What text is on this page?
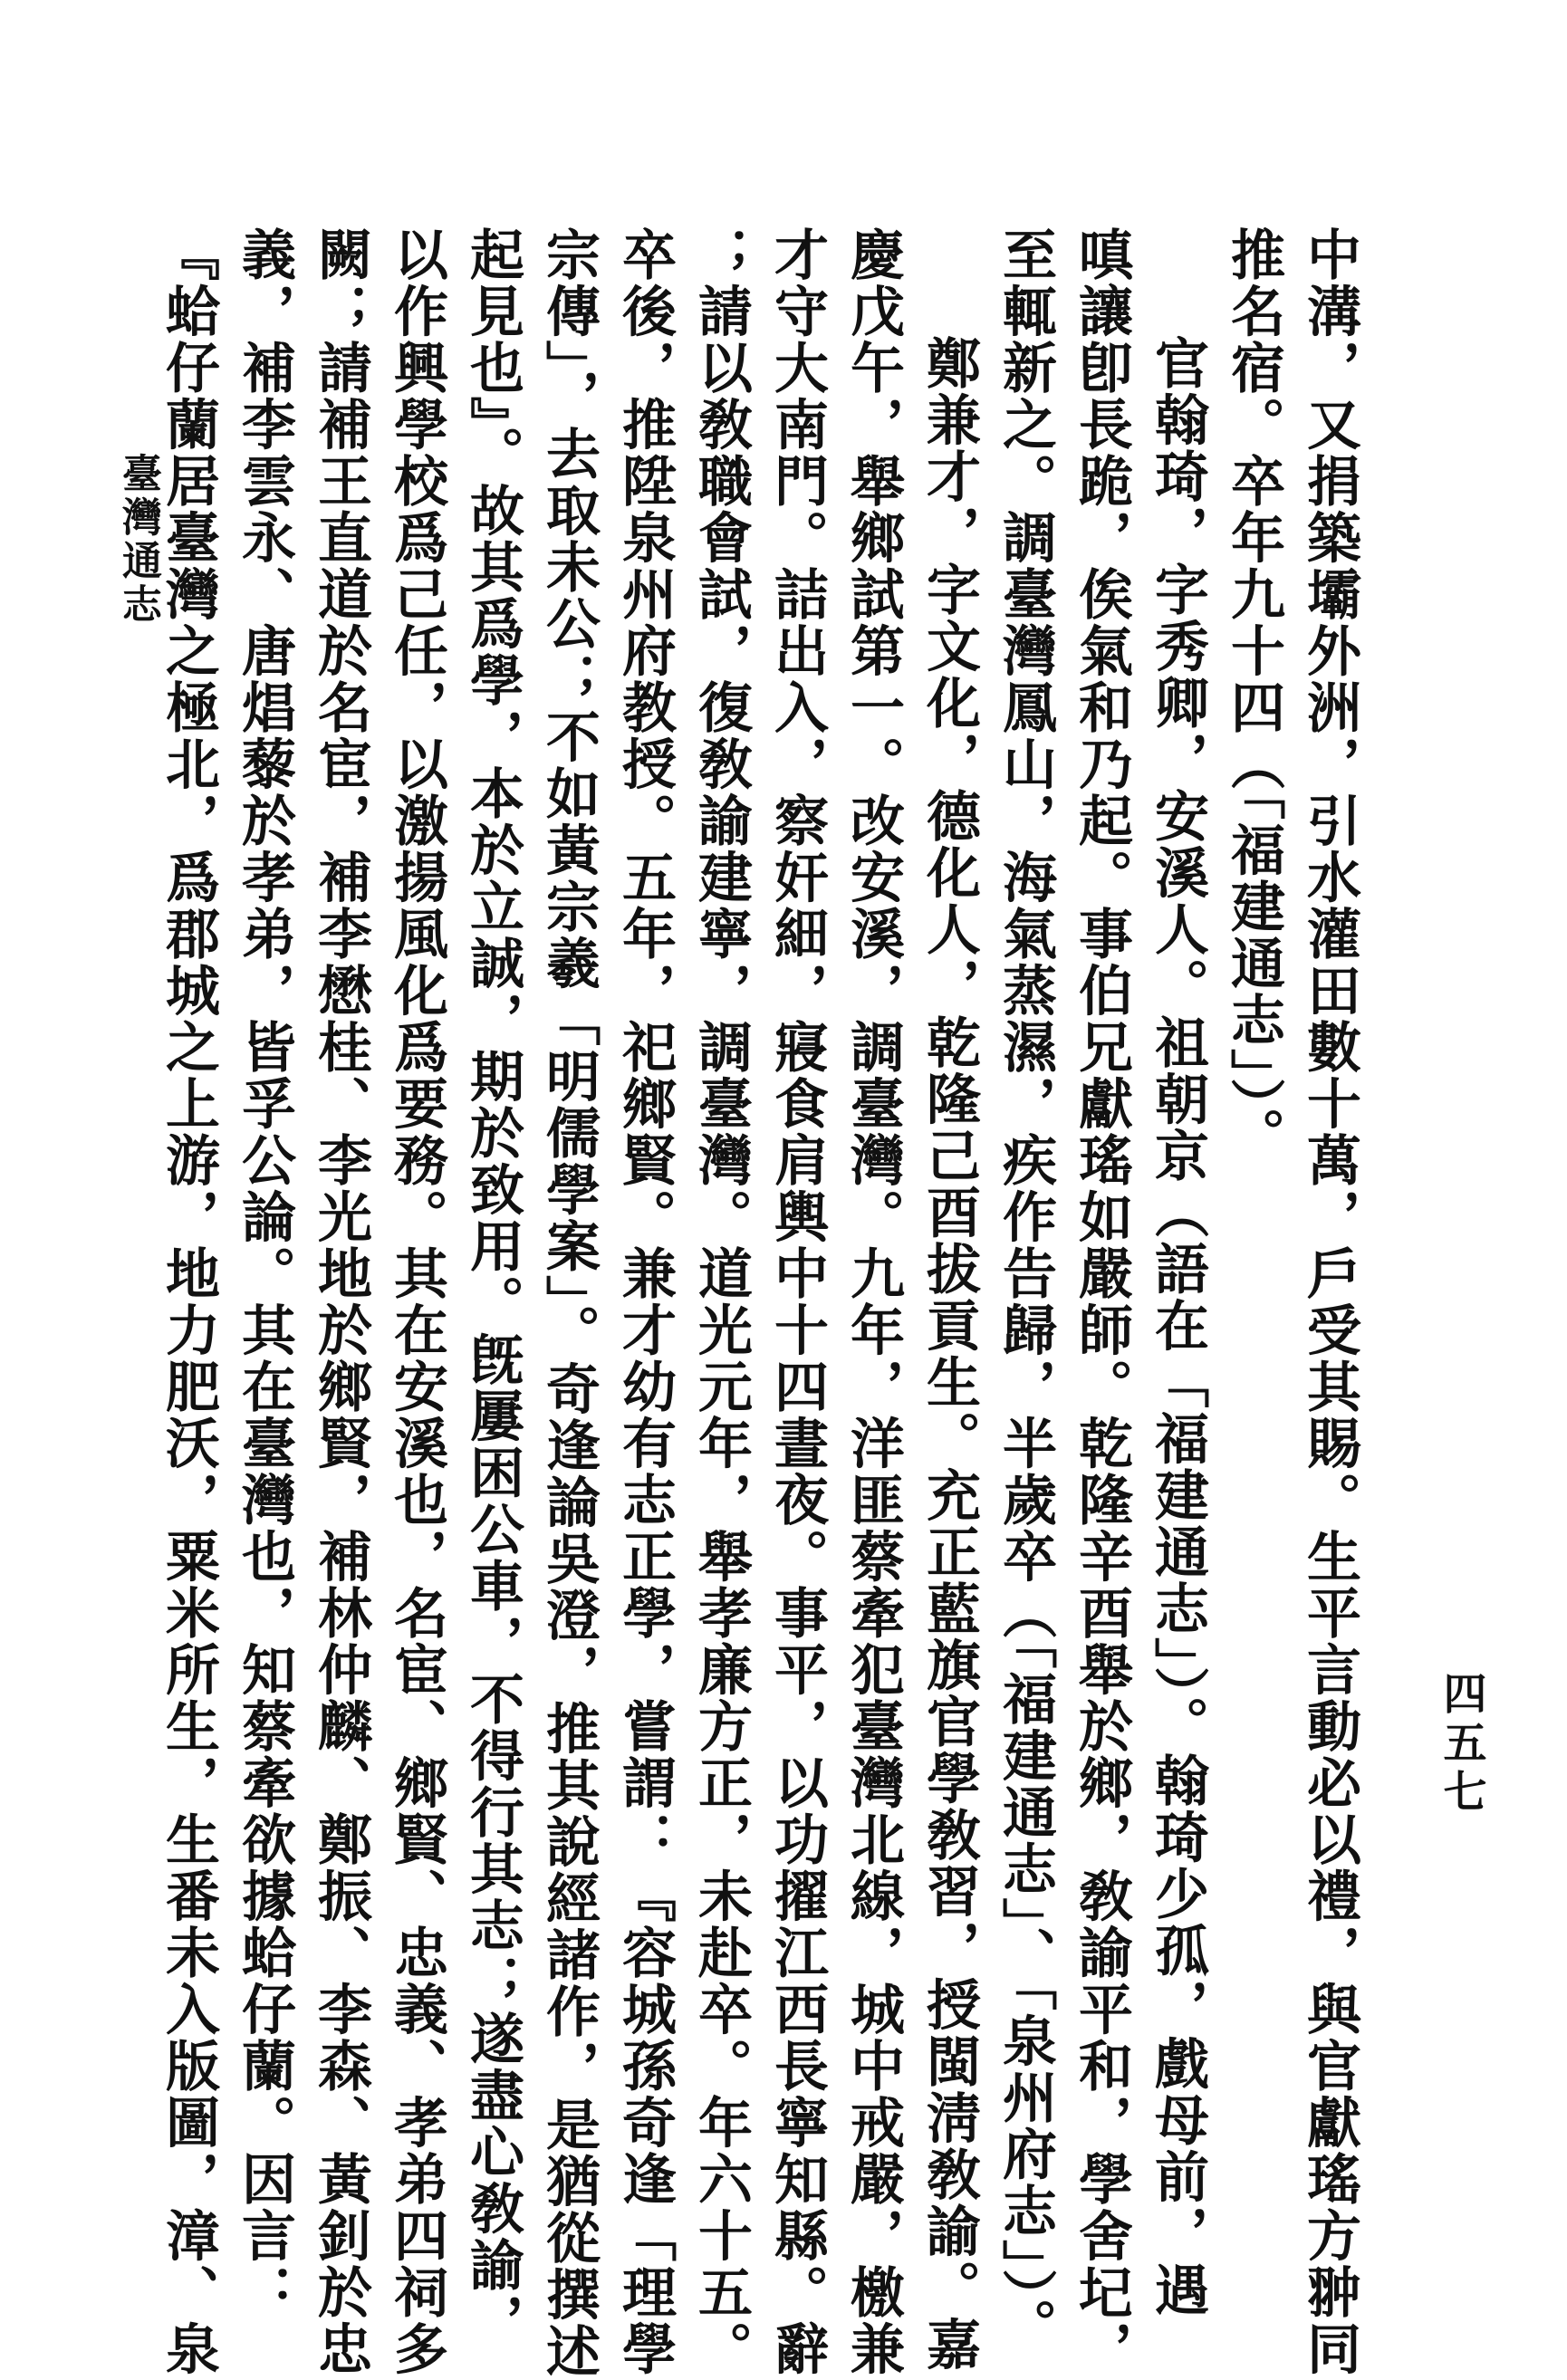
中溝，又捐築壩外洲，引水灌田數十萬，戶受其賜。生平言動必以禮，與官獻瑤方翀同
推名宿。卒年九十四（「福建通志」）。
官翰琦，字秀卿，安溪人。祖朝京（語在「福建通志」）。翰琦少孤，戲母前，遇
嗔讓卽長跪，俟氣和乃起。事伯兄獻瑤如嚴師。乾隆辛酉舉於鄉，敎諭平和，學舍圮，
至輒新之。調臺灣鳳山，海氣蒸濕，疾作告歸，半歲卒（「福建通志」、「泉州府志」）。
鄭兼才，字文化，德化人，乾隆己酉拔貢生。充正藍旗官學敎習，授閩淸敎諭。嘉
慶戊午，舉鄉試第一。改安溪，調臺灣。九年，洋匪蔡牽犯臺灣北線，城中戒嚴，檄兼
才守大南門。詰出入，察奸細，寢食肩輿中十四晝夜。事平，以功擢江西長寧知縣。辭
；請以敎職會試，復敎諭建寧，調臺灣。道光元年，舉孝廉方正，未赴卒。年六十五。
卒後，推陞泉州府教授。五年，祀鄉賢。兼才幼有志正學，嘗謂：『容城孫奇逢「理學
宗傳」，去取未公；不如黃宗羲「明儒學案」。奇逢論吳澄，推其說經諸作，是猶從撰述
起見也』。故其爲學，本於立誠，期於致用。旣屢困公車，不得行其志；遂盡心敎諭，
以作興學校爲己任，以激揚風化爲要務。其在安溪也，名宦、鄉賢、忠義、孝弟四祠多
闕；請補王直道於名宦，補李懋桂、李光地於鄉賢，補林仲麟、鄭振、李森、黃釗於忠
義，補李雲永、唐焻藜於孝弟，皆孚公論。其在臺灣也，知蔡牽欲據蛤仔蘭。因言：
『蛤仔蘭居臺灣之極北，爲郡城之上游，地力肥沃，粟米所生，生番未入版圖，漳、泉	四五七
臺灣通志
